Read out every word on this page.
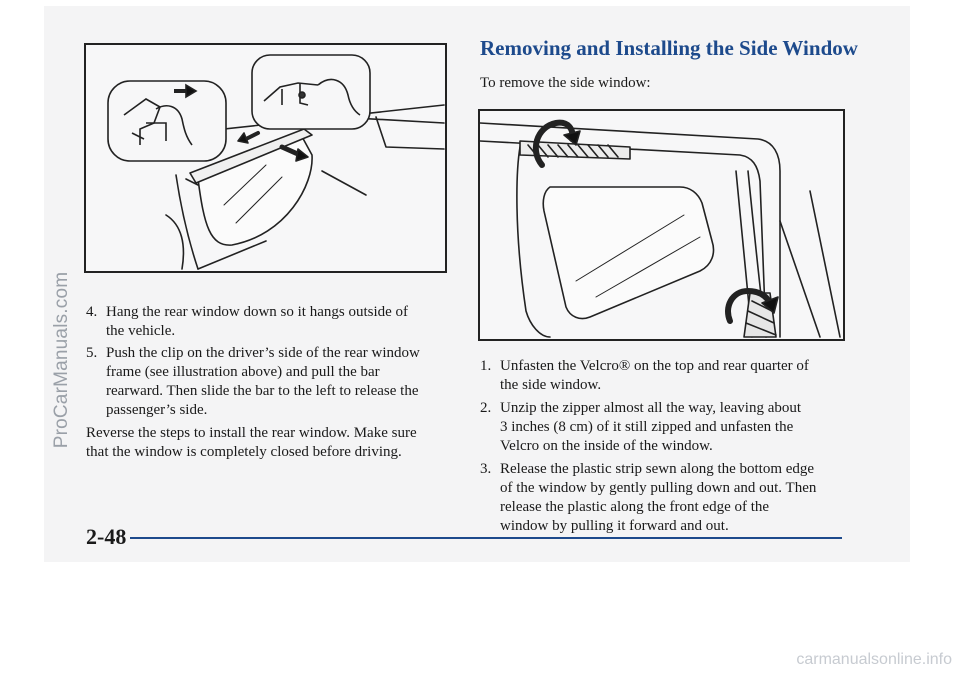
ProCarManuals.com 4. Hang the rear window down so it hangs outside of
the vehicle.
5. Push the clip on the driver’s side of the rear window
frame (see illustration above) and pull the bar
rearward. Then slide the bar to the left to release the
passenger’s side.
Reverse the steps to install the rear window. Make sure
that the window is completely closed before driving.
Removing and Installing the Side Window
To remove the side window:
1. Unfasten the Velcro® on the top and rear quarter of
the side window.
2. Unzip the zipper almost all the way, leaving about
3 inches (8 cm) of it still zipped and unfasten the
Velcro on the inside of the window.
3. Release the plastic strip sewn along the bottom edge
of the window by gently pulling down and out. Then
release the plastic along the front edge of the
window by pulling it forward and out.
2-48
carmanualsonline.info
